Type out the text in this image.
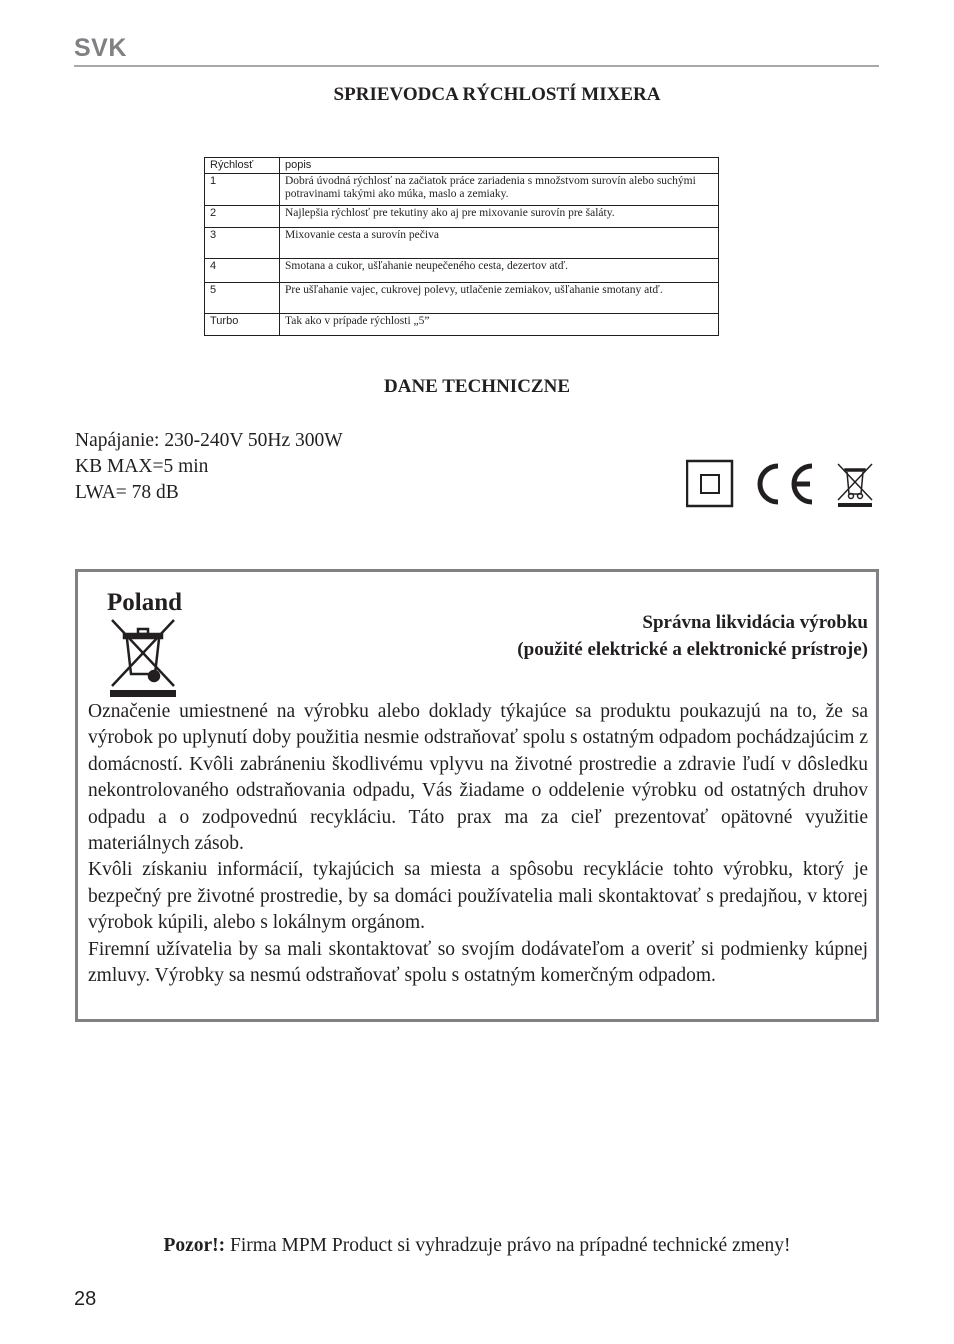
SVK
SPRIEVODCA RÝCHLOSTÍ MIXERA
Rýchlosť	popis
1	Dobrá úvodná rýchlosť na začiatok práce zariadenia s množstvom surovín alebo suchými potravinami takými ako múka, maslo a zemiaky.
2	Najlepšia rýchlosť pre tekutiny ako aj pre mixovanie surovín pre šaláty.
3	Mixovanie cesta a surovín pečiva
4	Smotana a cukor, ušľahanie neupečeného cesta, dezertov atď.
5	Pre ušľahanie vajec, cukrovej polevy, utlačenie zemiakov, ušľahanie smotany atď.
Turbo	Tak ako v prípade rýchlosti „5”
DANE TECHNICZNE
Napájanie: 230-240V 50Hz 300W
KB MAX=5 min
LWA= 78 dB
Poland
Správna likvidácia výrobku
(použité elektrické a elektronické prístroje)

Označenie umiestnené na výrobku alebo doklady týkajúce sa produktu poukazujú na to, že sa výrobok po uplynutí doby použitia nesmie odstraňovať spolu s ostatným odpadom pochádzajúcim z domácností. Kvôli zabráneniu škodlivému vplyvu na životné prostredie a zdravie ľudí v dôsledku nekontrolovaného odstraňovania odpadu, Vás žiadame o oddelenie výrobku od ostatných druhov odpadu a o zodpovednú recykláciu. Táto prax ma za cieľ prezentovať opätovné využitie materiálnych zásob.

Kvôli získaniu informácií, tykajúcich sa miesta a spôsobu recyklácie tohto výrobku, ktorý je bezpečný pre životné prostredie, by sa domáci používatelia mali skontaktovať s predajňou, v ktorej výrobok kúpili, alebo s lokálnym orgánom.

Firemní užívatelia by sa mali skontaktovať so svojím dodávateľom a overiť si podmienky kúpnej zmluvy. Výrobky sa nesmú odstraňovať spolu s ostatným komerčným odpadom.

Pozor!: Firma MPM Product si vyhradzuje právo na prípadné technické zmeny!
28
